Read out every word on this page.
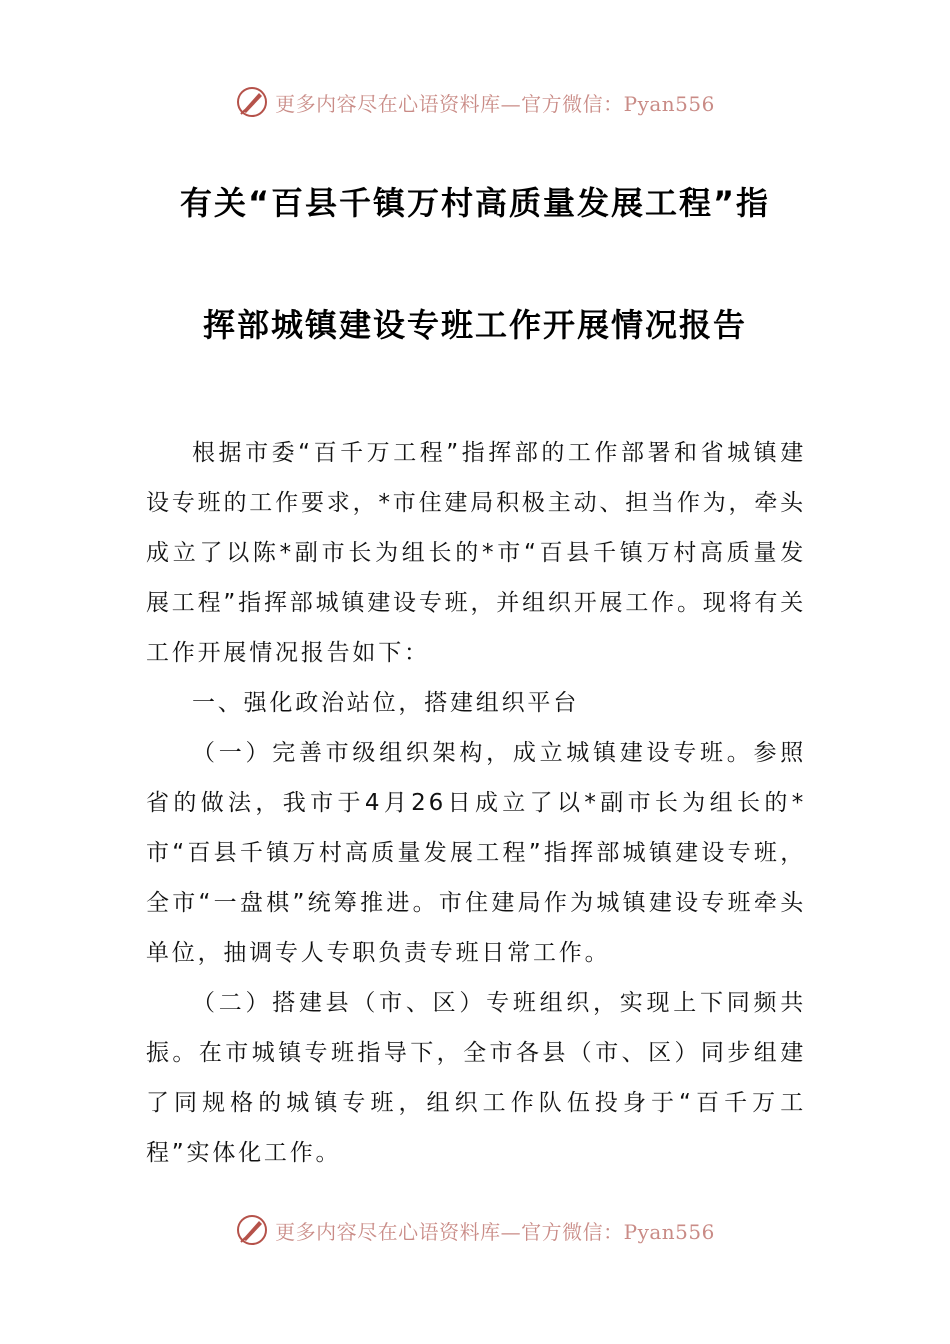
更多内容尽在心语资料库—官方微信：Pyan556
有关“百县千镇万村高质量发展工程”指
挥部城镇建设专班工作开展情况报告

根据市委“百千万工程”指挥部的工作部署和省城镇建设专班的工作要求，*市住建局积极主动、担当作为，牵头成立了以陈*副市长为组长的*市“百县千镇万村高质量发展工程”指挥部城镇建设专班，并组织开展工作。现将有关工作开展情况报告如下：

一、强化政治站位，搭建组织平台

（一）完善市级组织架构，成立城镇建设专班。参照省的做法，我市于4月26日成立了以*副市长为组长的*市“百县千镇万村高质量发展工程”指挥部城镇建设专班，全市“一盘棋”统筹推进。市住建局作为城镇建设专班牵头单位，抽调专人专职负责专班日常工作。

（二）搭建县（市、区）专班组织，实现上下同频共振。在市城镇专班指导下，全市各县（市、区）同步组建了同规格的城镇专班，组织工作队伍投身于“百千万工程”实体化工作。

更多内容尽在心语资料库—官方微信：Pyan556
